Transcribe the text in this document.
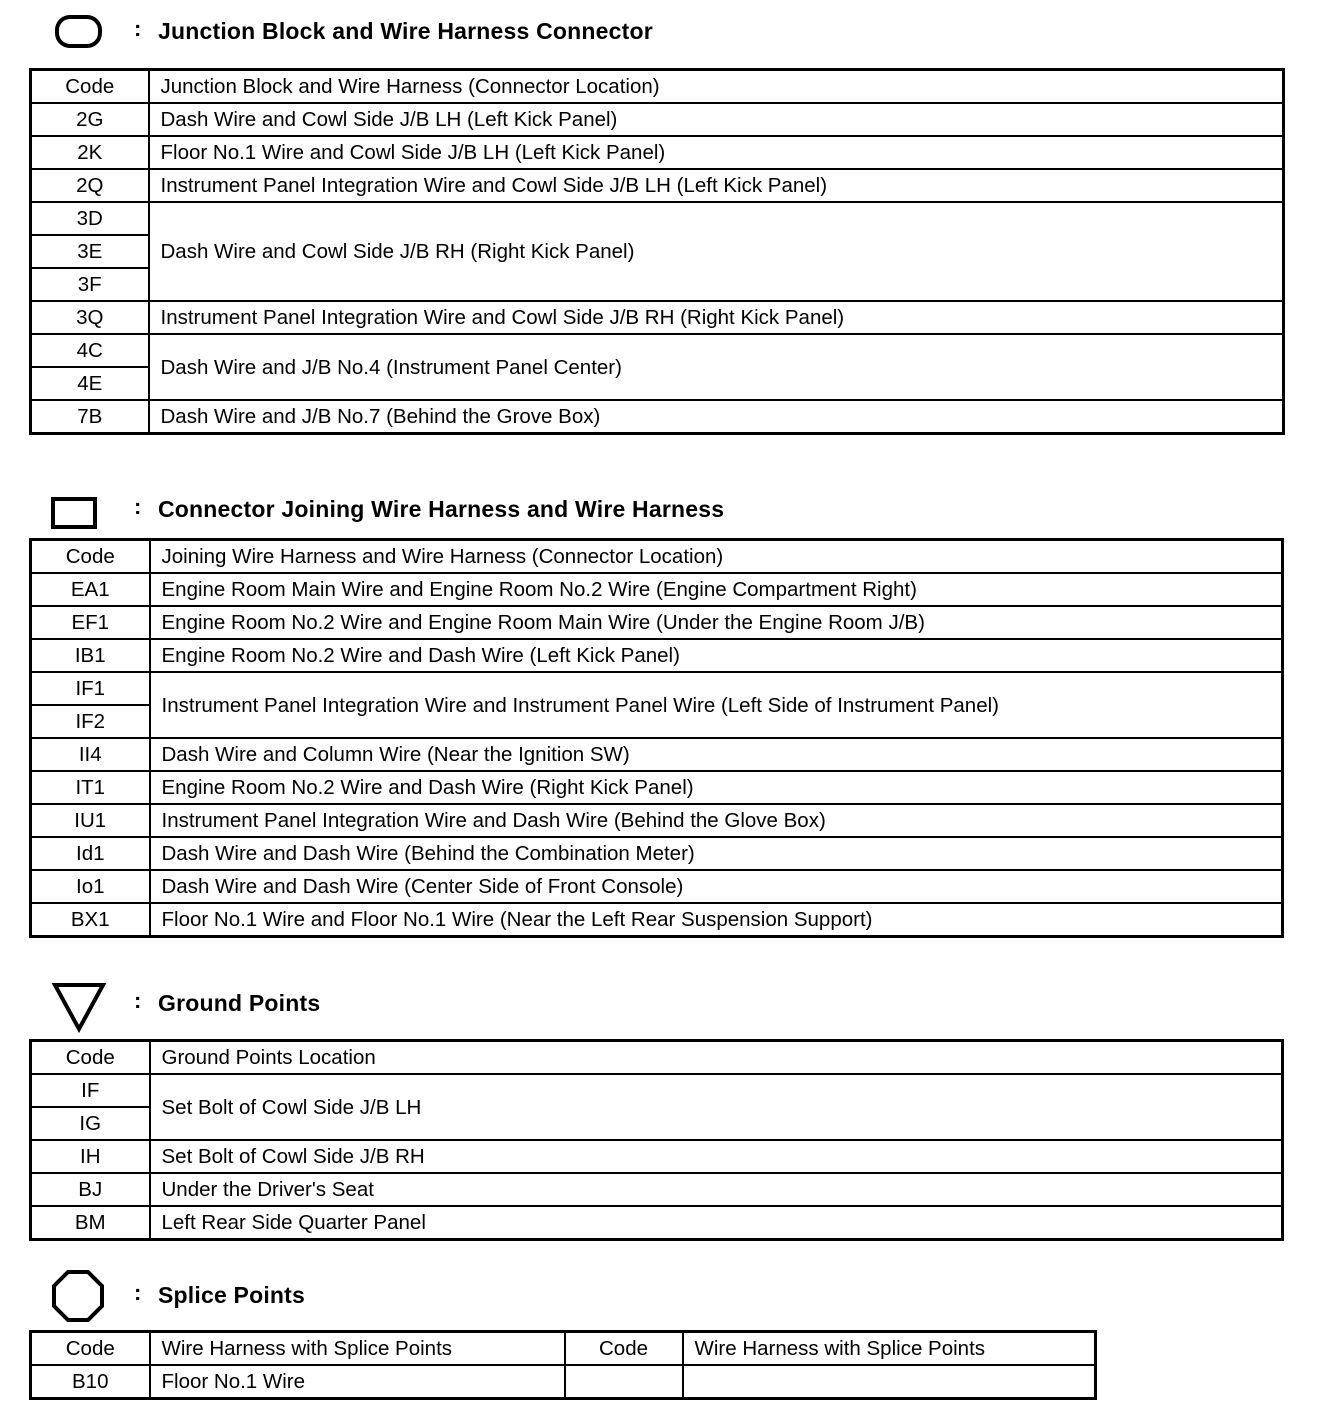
: Junction Block and Wire Harness Connector
Code	Junction Block and Wire Harness (Connector Location)
2G	Dash Wire and Cowl Side J/B LH (Left Kick Panel)
2K	Floor No.1 Wire and Cowl Side J/B LH (Left Kick Panel)
2Q	Instrument Panel Integration Wire and Cowl Side J/B LH (Left Kick Panel)
3D	Dash Wire and Cowl Side J/B RH (Right Kick Panel)
3E	
3F	
3Q	Instrument Panel Integration Wire and Cowl Side J/B RH (Right Kick Panel)
4C	Dash Wire and J/B No.4 (Instrument Panel Center)
4E	
7B	Dash Wire and J/B No.7 (Behind the Grove Box)
: Connector Joining Wire Harness and Wire Harness
Code	Joining Wire Harness and Wire Harness (Connector Location)
EA1	Engine Room Main Wire and Engine Room No.2 Wire (Engine Compartment Right)
EF1	Engine Room No.2 Wire and Engine Room Main Wire (Under the Engine Room J/B)
IB1	Engine Room No.2 Wire and Dash Wire (Left Kick Panel)
IF1	Instrument Panel Integration Wire and Instrument Panel Wire (Left Side of Instrument Panel)
IF2	
II4	Dash Wire and Column Wire (Near the Ignition SW)
IT1	Engine Room No.2 Wire and Dash Wire (Right Kick Panel)
IU1	Instrument Panel Integration Wire and Dash Wire (Behind the Glove Box)
Id1	Dash Wire and Dash Wire (Behind the Combination Meter)
Io1	Dash Wire and Dash Wire (Center Side of Front Console)
BX1	Floor No.1 Wire and Floor No.1 Wire (Near the Left Rear Suspension Support)
: Ground Points
Code	Ground Points Location
IF	Set Bolt of Cowl Side J/B LH
IG	
IH	Set Bolt of Cowl Side J/B RH
BJ	Under the Driver's Seat
BM	Left Rear Side Quarter Panel
: Splice Points
Code	Wire Harness with Splice Points	Code	Wire Harness with Splice Points
B10	Floor No.1 Wire		
